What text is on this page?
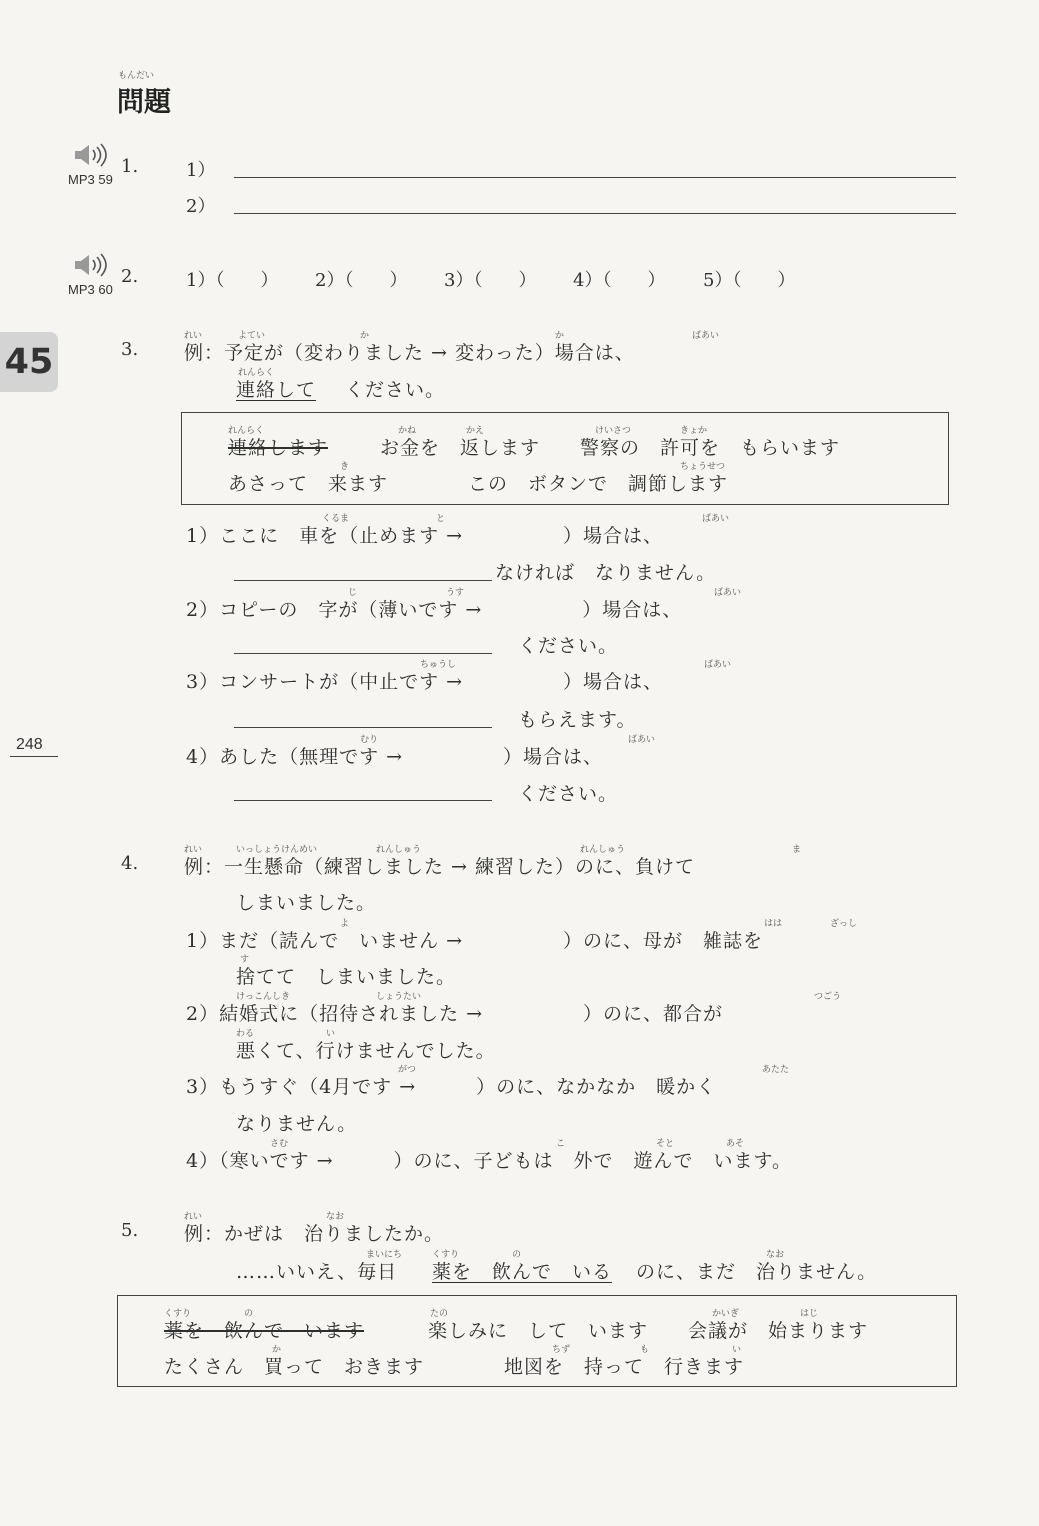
もんだい
問題
45
248
MP3 59
1.	1）
2）
MP3 60
2.	1）（　　） 2）（　　） 3）（　　） 4）（　　） 5）（　　）
3.
れい	よてい	か	か	ばあい
例：予定が（変わりました → 変わった）場合は、
れんらく
連絡して ください。
れんらく	かね	かえ	けいさつ	きょか
連絡します	お金を　返します　　警察の　許可を　もらいます
き	ちょうせつ
あさって　来ます　　　　この　ボタンで　調節します
くるま	と	ばあい
1）ここに　車を（止めます →　　　　　）場合は、
なければ　なりません。
じ	うす	ばあい
2）コピーの　字が（薄いです →　　　　　）場合は、
ください。
ちゅうし	ばあい
3）コンサートが（中止です →　　　　　）場合は、
もらえます。
むり	ばあい
4）あした（無理です →　　　　　）場合は、
ください。
4.
れい	いっしょうけんめい	れんしゅう	れんしゅう	ま
例：一生懸命（練習しました → 練習した）のに、負けて
しまいました。
よ	はは	ざっし
1）まだ（読んで　いません →　　　　　）のに、母が　雑誌を
す
捨てて　しまいました。
けっこんしき	しょうたい	つごう
2）結婚式に（招待されました →　　　　　）のに、都合が
わる	い
悪くて、行けませんでした。
がつ	あたた
3）もうすぐ（4月です →　　　）のに、なかなか　暖かく
なりません。
さむ	こ	そと	あそ
4）（寒いです →　　　）のに、子どもは　外で　遊んで　います。
5.
れい	なお
例：かぜは　治りましたか。
まいにち	くすり	の	なお
……いいえ、毎日 薬を　飲んで　いる のに、まだ　治りません。
くすり	の	たの	かいぎ	はじ
薬を　飲んで　います	楽しみに　して　います　　会議が　始まります
か	ちず	も	い
たくさん　買って　おきます　　　　地図を　持って　行きます
